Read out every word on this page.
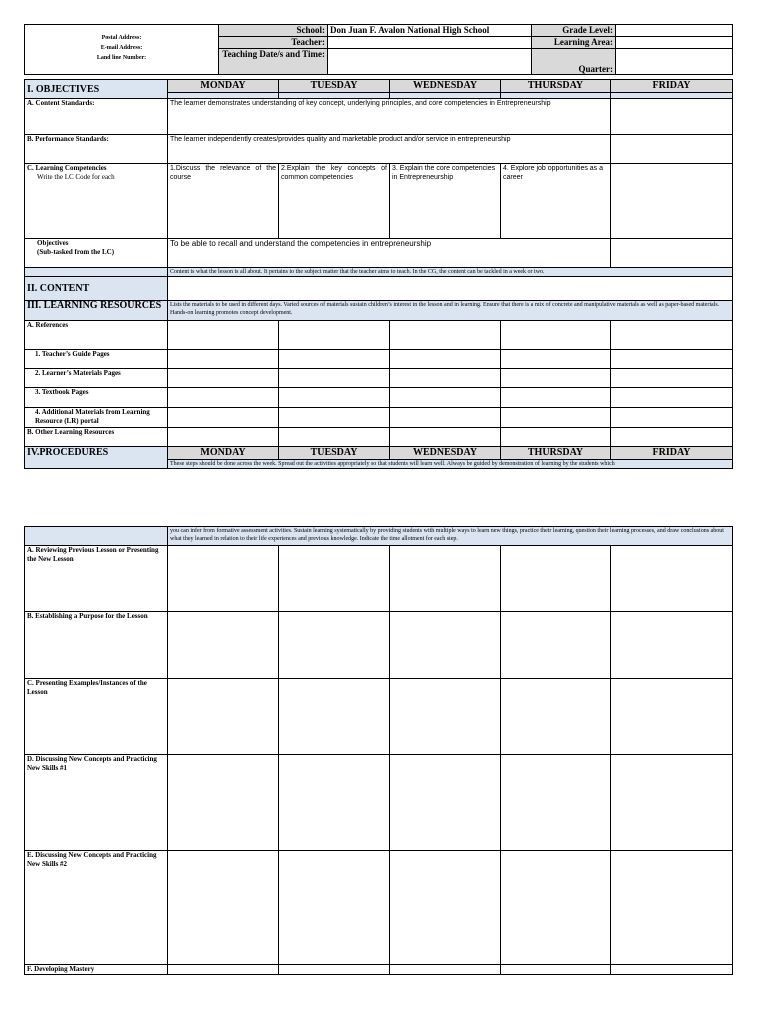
Postal Address:
E-mail Address:
Land line Number:	School:	Don Juan F. Avalon National High School	Grade Level:	
	Teacher:		Learning Area:	
	Teaching Date/s and Time:		Quarter:	
I. OBJECTIVES	MONDAY	TUESDAY	WEDNESDAY	THURSDAY	FRIDAY

A. Content Standards:	The learner demonstrates understanding of key concept, underlying principles, and core competencies in Entrepreneurship				
B. Performance Standards:	The learner independently creates/provides quality and marketable product and/or service in entrepreneurship				

C. Learning Competencies
Write the LC Code for each	1.Discuss the relevance of the course	2.Explain the key concepts of common competencies	3. Explain the core competencies in Entrepreneurship	4. Explore job opportunities as a career	

Objectives
(Sub-tasked from the LC)	To be able to recall and understand the competencies in entrepreneurship				
	Content is what the lesson is all about. It pertains to the subject matter that the teacher aims to teach. In the CG, the content can be tackled in a week or two.				
II. CONTENT					
III. LEARNING RESOURCES	Lists the materials to be used in different days. Varied sources of materials sustain children’s interest in the lesson and in learning. Ensure that there is a mix of concrete and manipulative materials as well as paper-based materials. Hands-on learning promotes concept development.				
A. References					
1. Teacher’s Guide Pages					
2. Learner’s Materials Pages					
3. Textbook Pages					
4. Additional Materials from Learning Resource (LR) portal					
B. Other Learning Resources					
IV.PROCEDURES	MONDAY	TUESDAY	WEDNESDAY	THURSDAY	FRIDAY
	These steps should be done across the week. Spread out the activities appropriately so that students will learn well. Always be guided by demonstration of learning by the students which				
	you can infer from formative assessment activities. Sustain learning systematically by providing students with multiple ways to learn new things, practice their learning, question their learning processes, and draw conclusions about what they learned in relation to their life experiences and previous knowledge. Indicate the time allotment for each step.				
A. Reviewing Previous Lesson or Presenting the New Lesson					
B. Establishing a Purpose for the Lesson					
C. Presenting Examples/Instances of the Lesson					
D. Discussing New Concepts and Practicing New Skills #1					
E. Discussing New Concepts and Practicing New Skills #2					
F. Developing Mastery					
